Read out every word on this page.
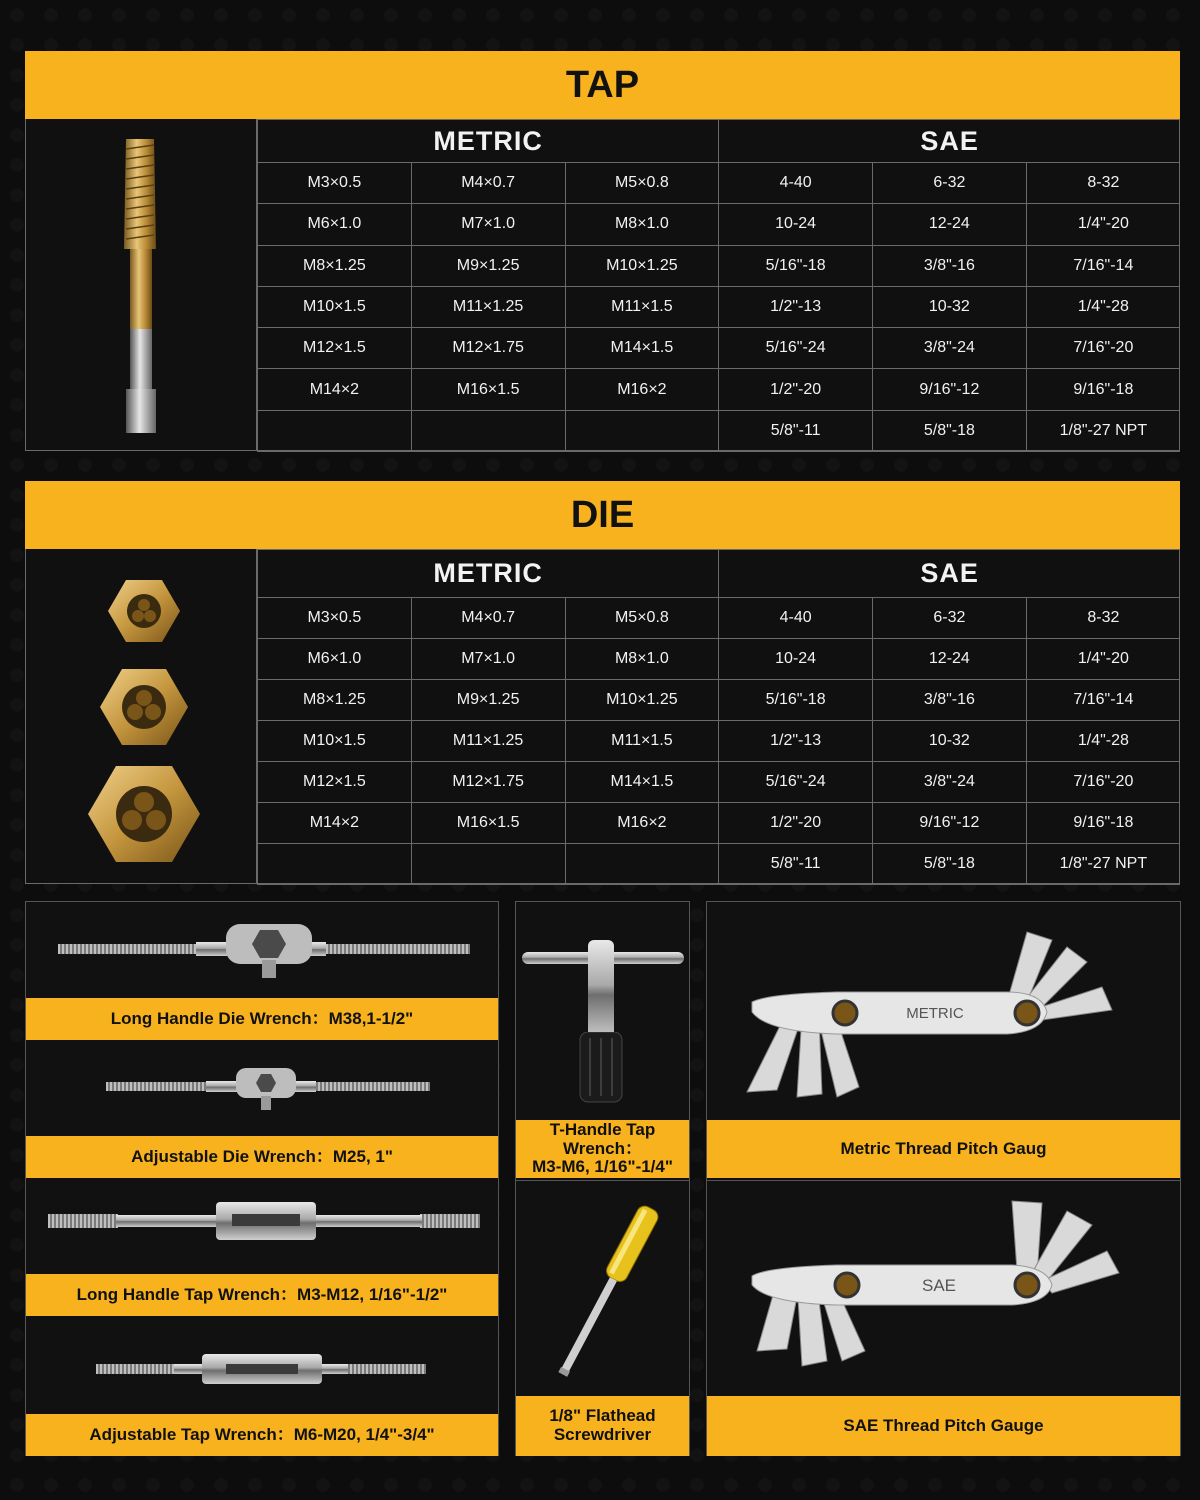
TAP
METRIC			SAE		
M3×0.5	M4×0.7	M5×0.8	4-40	6-32	8-32
M6×1.0	M7×1.0	M8×1.0	10-24	12-24	1/4"-20
M8×1.25	M9×1.25	M10×1.25	5/16"-18	3/8"-16	7/16"-14
M10×1.5	M11×1.25	M11×1.5	1/2"-13	10-32	1/4"-28
M12×1.5	M12×1.75	M14×1.5	5/16"-24	3/8"-24	7/16"-20
M14×2	M16×1.5	M16×2	1/2"-20	9/16"-12	9/16"-18
			5/8"-11	5/8"-18	1/8"-27 NPT
DIE
METRIC			SAE		
M3×0.5	M4×0.7	M5×0.8	4-40	6-32	8-32
M6×1.0	M7×1.0	M8×1.0	10-24	12-24	1/4"-20
M8×1.25	M9×1.25	M10×1.25	5/16"-18	3/8"-16	7/16"-14
M10×1.5	M11×1.25	M11×1.5	1/2"-13	10-32	1/4"-28
M12×1.5	M12×1.75	M14×1.5	5/16"-24	3/8"-24	7/16"-20
M14×2	M16×1.5	M16×2	1/2"-20	9/16"-12	9/16"-18
			5/8"-11	5/8"-18	1/8"-27 NPT
Long Handle Die Wrench：M38,1-1/2"
Adjustable Die Wrench：M25, 1"
Long Handle Tap Wrench：M3-M12, 1/16"-1/2"
Adjustable Tap Wrench：M6-M20, 1/4"-3/4"
T-Handle Tap Wrench：
M3-M6, 1/16"-1/4"
1/8" Flathead
Screwdriver
METRIC
Metric Thread Pitch Gaug
SAE
SAE Thread Pitch Gauge
